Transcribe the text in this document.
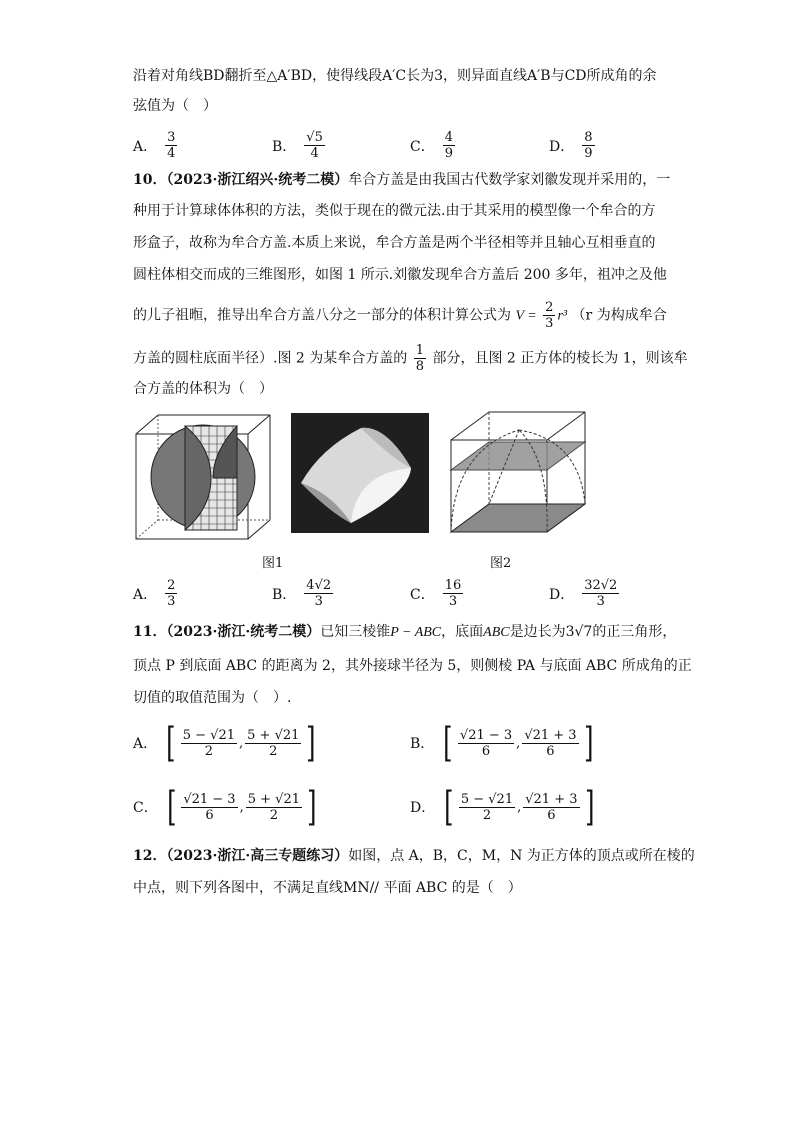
沿着对角线BD翻折至△A′BD，使得线段A′C长为3，则异面直线A′B与CD所成角的余
弦值为（　）
A． $\frac{3}{4}$	B． $\frac{√5}{4}$	C． $\frac{4}{9}$	D． $\frac{8}{9}$
10．（2023·浙江绍兴·统考二模）牟合方盖是由我国古代数学家刘徽发现并采用的，一
种用于计算球体体积的方法，类似于现在的微元法.由于其采用的模型像一个牟合的方
形盒子，故称为牟合方盖.本质上来说，牟合方盖是两个半径相等并且轴心互相垂直的
圆柱体相交而成的三维图形，如图 1 所示.刘徽发现牟合方盖后 200 多年，祖冲之及他
的儿子祖暅，推导出牟合方盖八分之一部分的体积计算公式为 $V = \frac{2}{3} r^3$ （r 为构成牟合
方盖的圆柱底面半径）.图 2 为某牟合方盖的 $\frac{1}{8}$ 部分，且图 2 正方体的棱长为 1，则该牟
合方盖的体积为（　）
图1	图2
A． $\frac{2}{3}$	B． $\frac{4√2}{3}$	C． $\frac{16}{3}$	D． $\frac{32√2}{3}$
11．（2023·浙江·统考二模）已知三棱锥P − ABC，底面ABC是边长为3√7的正三角形，
顶点 P 到底面 ABC 的距离为 2，其外接球半径为 5，则侧棱 PA 与底面 ABC 所成角的正
切值的取值范围为（　）.
A． [ $\frac{5 - √21}{2}$ , $\frac{5 + √21}{2}$ ]	B． [ $\frac{√21 - 3}{6}$ , $\frac{√21 + 3}{6}$ ]
C． [ $\frac{√21 - 3}{6}$ , $\frac{5 + √21}{2}$ ]	D． [ $\frac{5 - √21}{2}$ , $\frac{√21 + 3}{6}$ ]
12．（2023·浙江·高三专题练习）如图，点 A，B，C，M，N 为正方体的顶点或所在棱的
中点，则下列各图中，不满足直线MN// 平面 ABC 的是（　）
